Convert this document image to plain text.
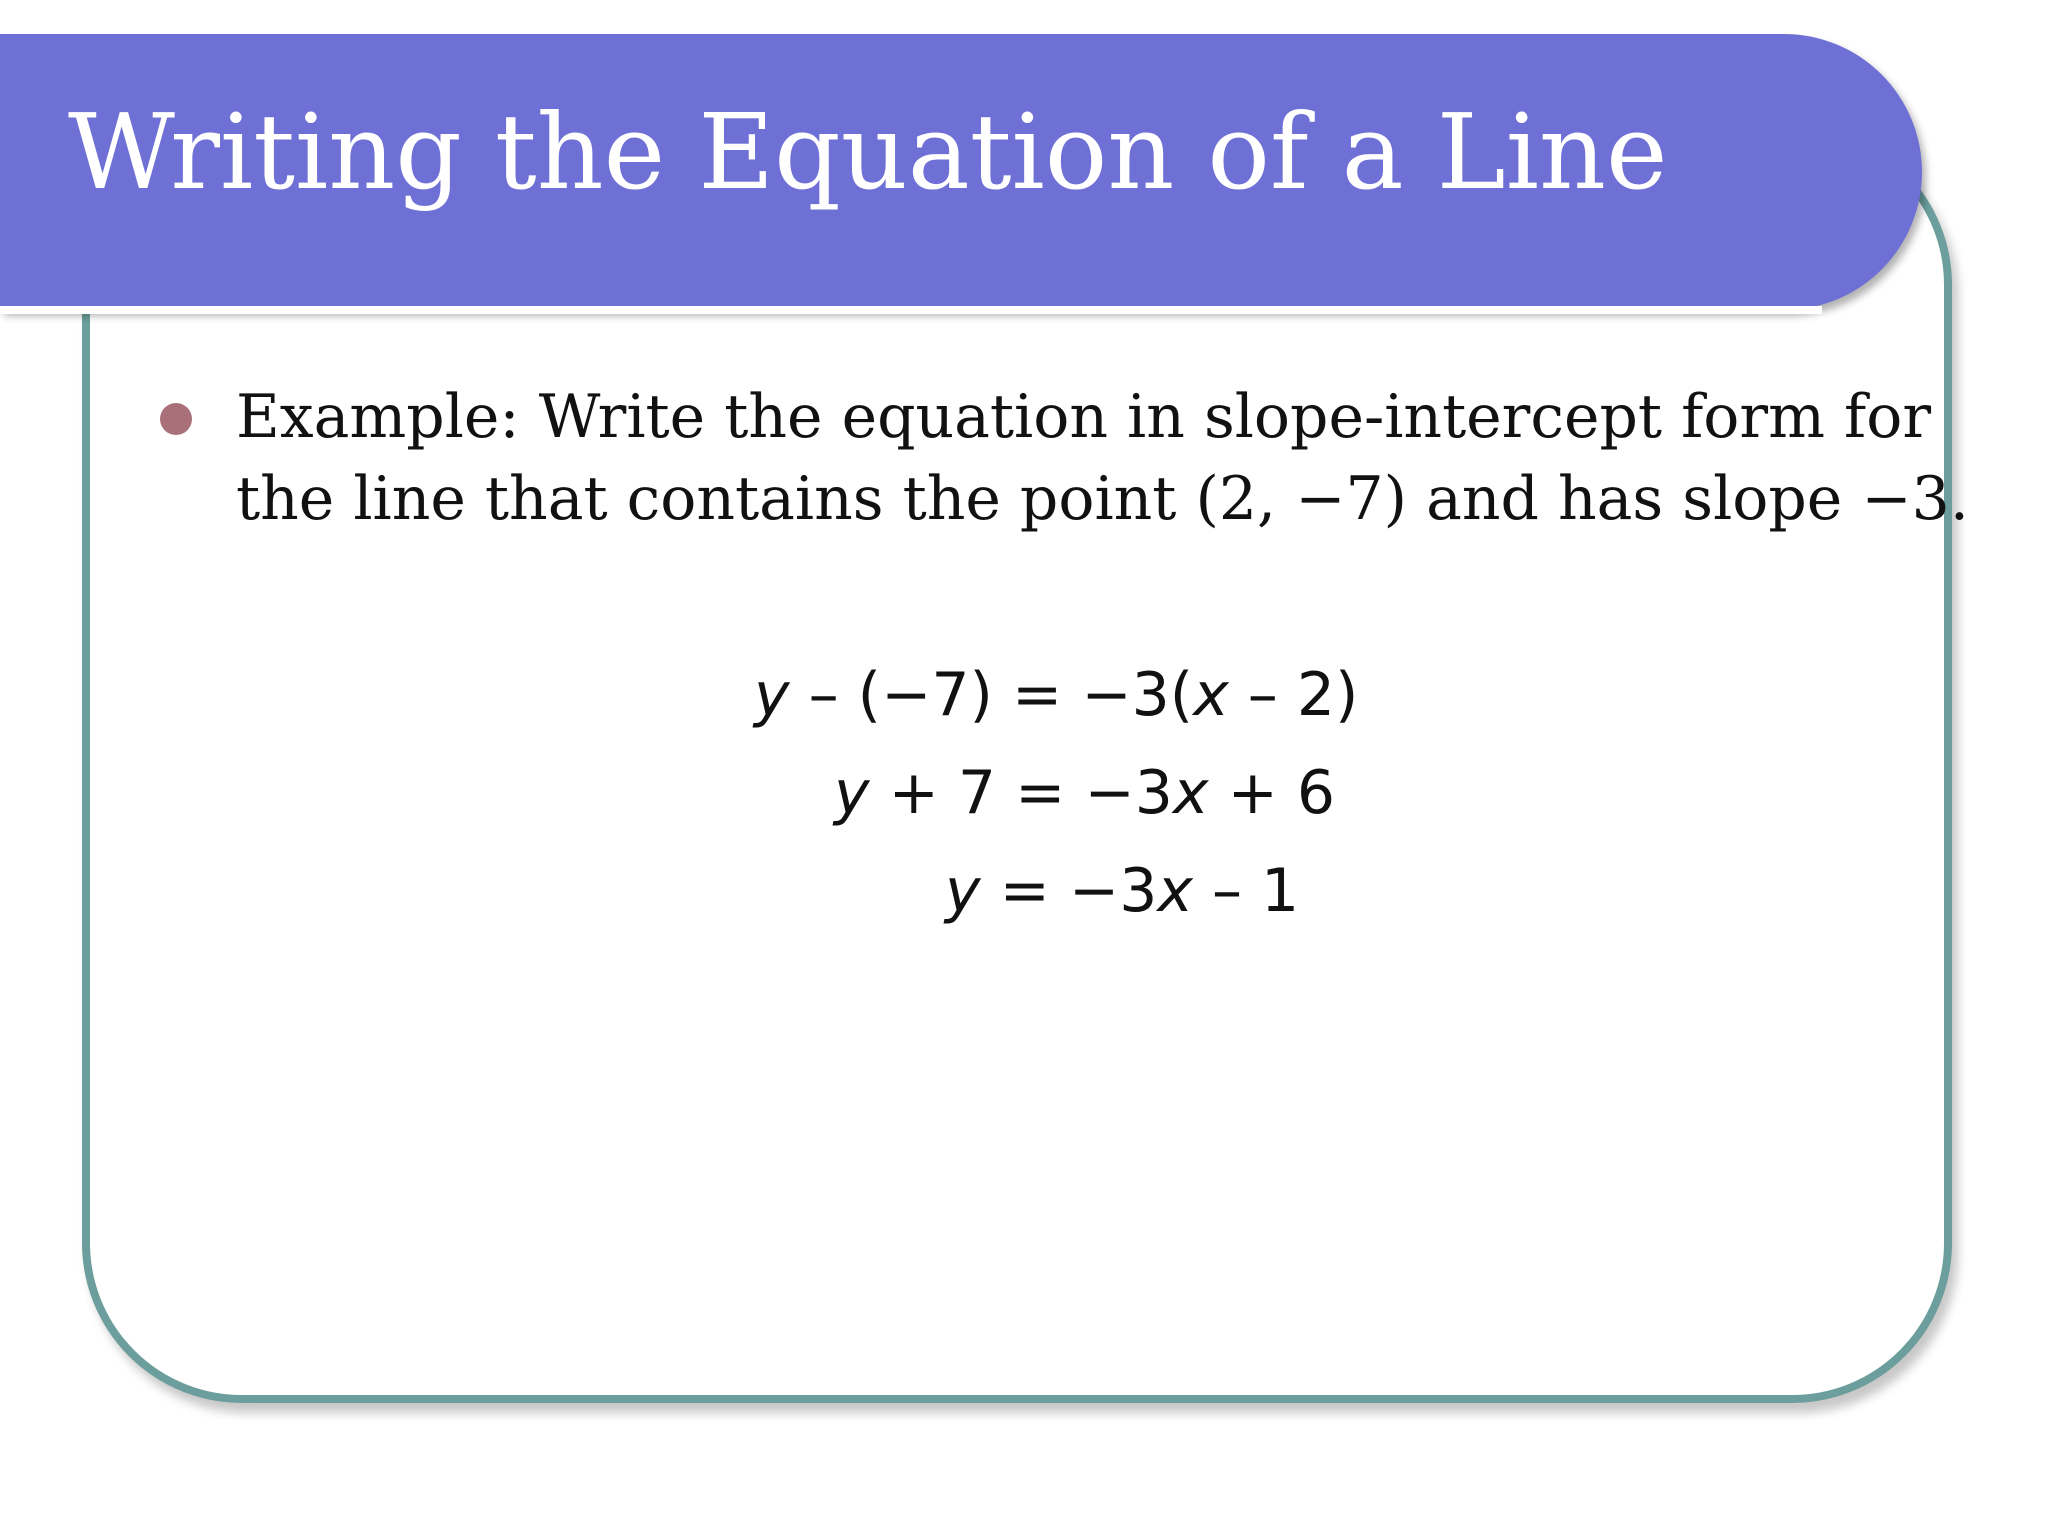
Writing the Equation of a Line

Example: Write the equation in slope-intercept form for
the line that contains the point (2, −7) and has slope −3.

y – (−7) = −3(x – 2)
y + 7 = −3x + 6
y = −3x – 1
